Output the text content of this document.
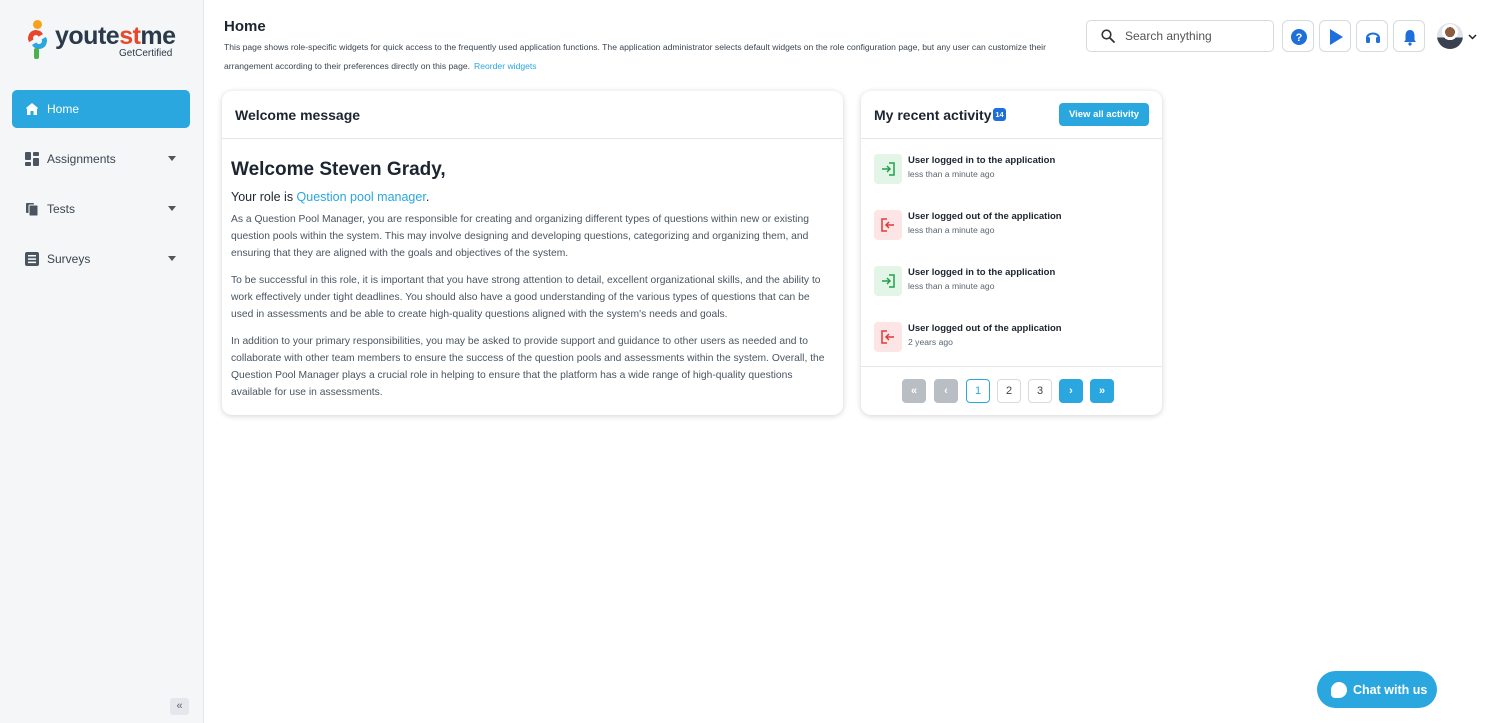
youtestme
GetCertified
Home
Assignments
Tests
Surveys
«
Home
This page shows role-specific widgets for quick access to the frequently used application functions. The application administrator selects default widgets on the role configuration page, but any user can customize their arrangement according to their preferences directly on this page. Reorder widgets
Search anything
?
Welcome message
Welcome Steven Grady,
Your role is Question pool manager.

As a Question Pool Manager, you are responsible for creating and organizing different types of questions within new or existing question pools within the system. This may involve designing and developing questions, categorizing and organizing them, and ensuring that they are aligned with the goals and objectives of the system.

To be successful in this role, it is important that you have strong attention to detail, excellent organizational skills, and the ability to work effectively under tight deadlines. You should also have a good understanding of the various types of questions that can be used in assessments and be able to create high-quality questions aligned with the system's needs and goals.

In addition to your primary responsibilities, you may be asked to provide support and guidance to other users as needed and to collaborate with other team members to ensure the success of the question pools and assessments within the system. Overall, the Question Pool Manager plays a crucial role in helping to ensure that the platform has a wide range of high-quality questions available for use in assessments.

My recent activity 14	View all activity
User logged in to the application
less than a minute ago
User logged out of the application
less than a minute ago
User logged in to the application
less than a minute ago
User logged out of the application
2 years ago
«	‹	1	2	3	›	»
Chat with us
